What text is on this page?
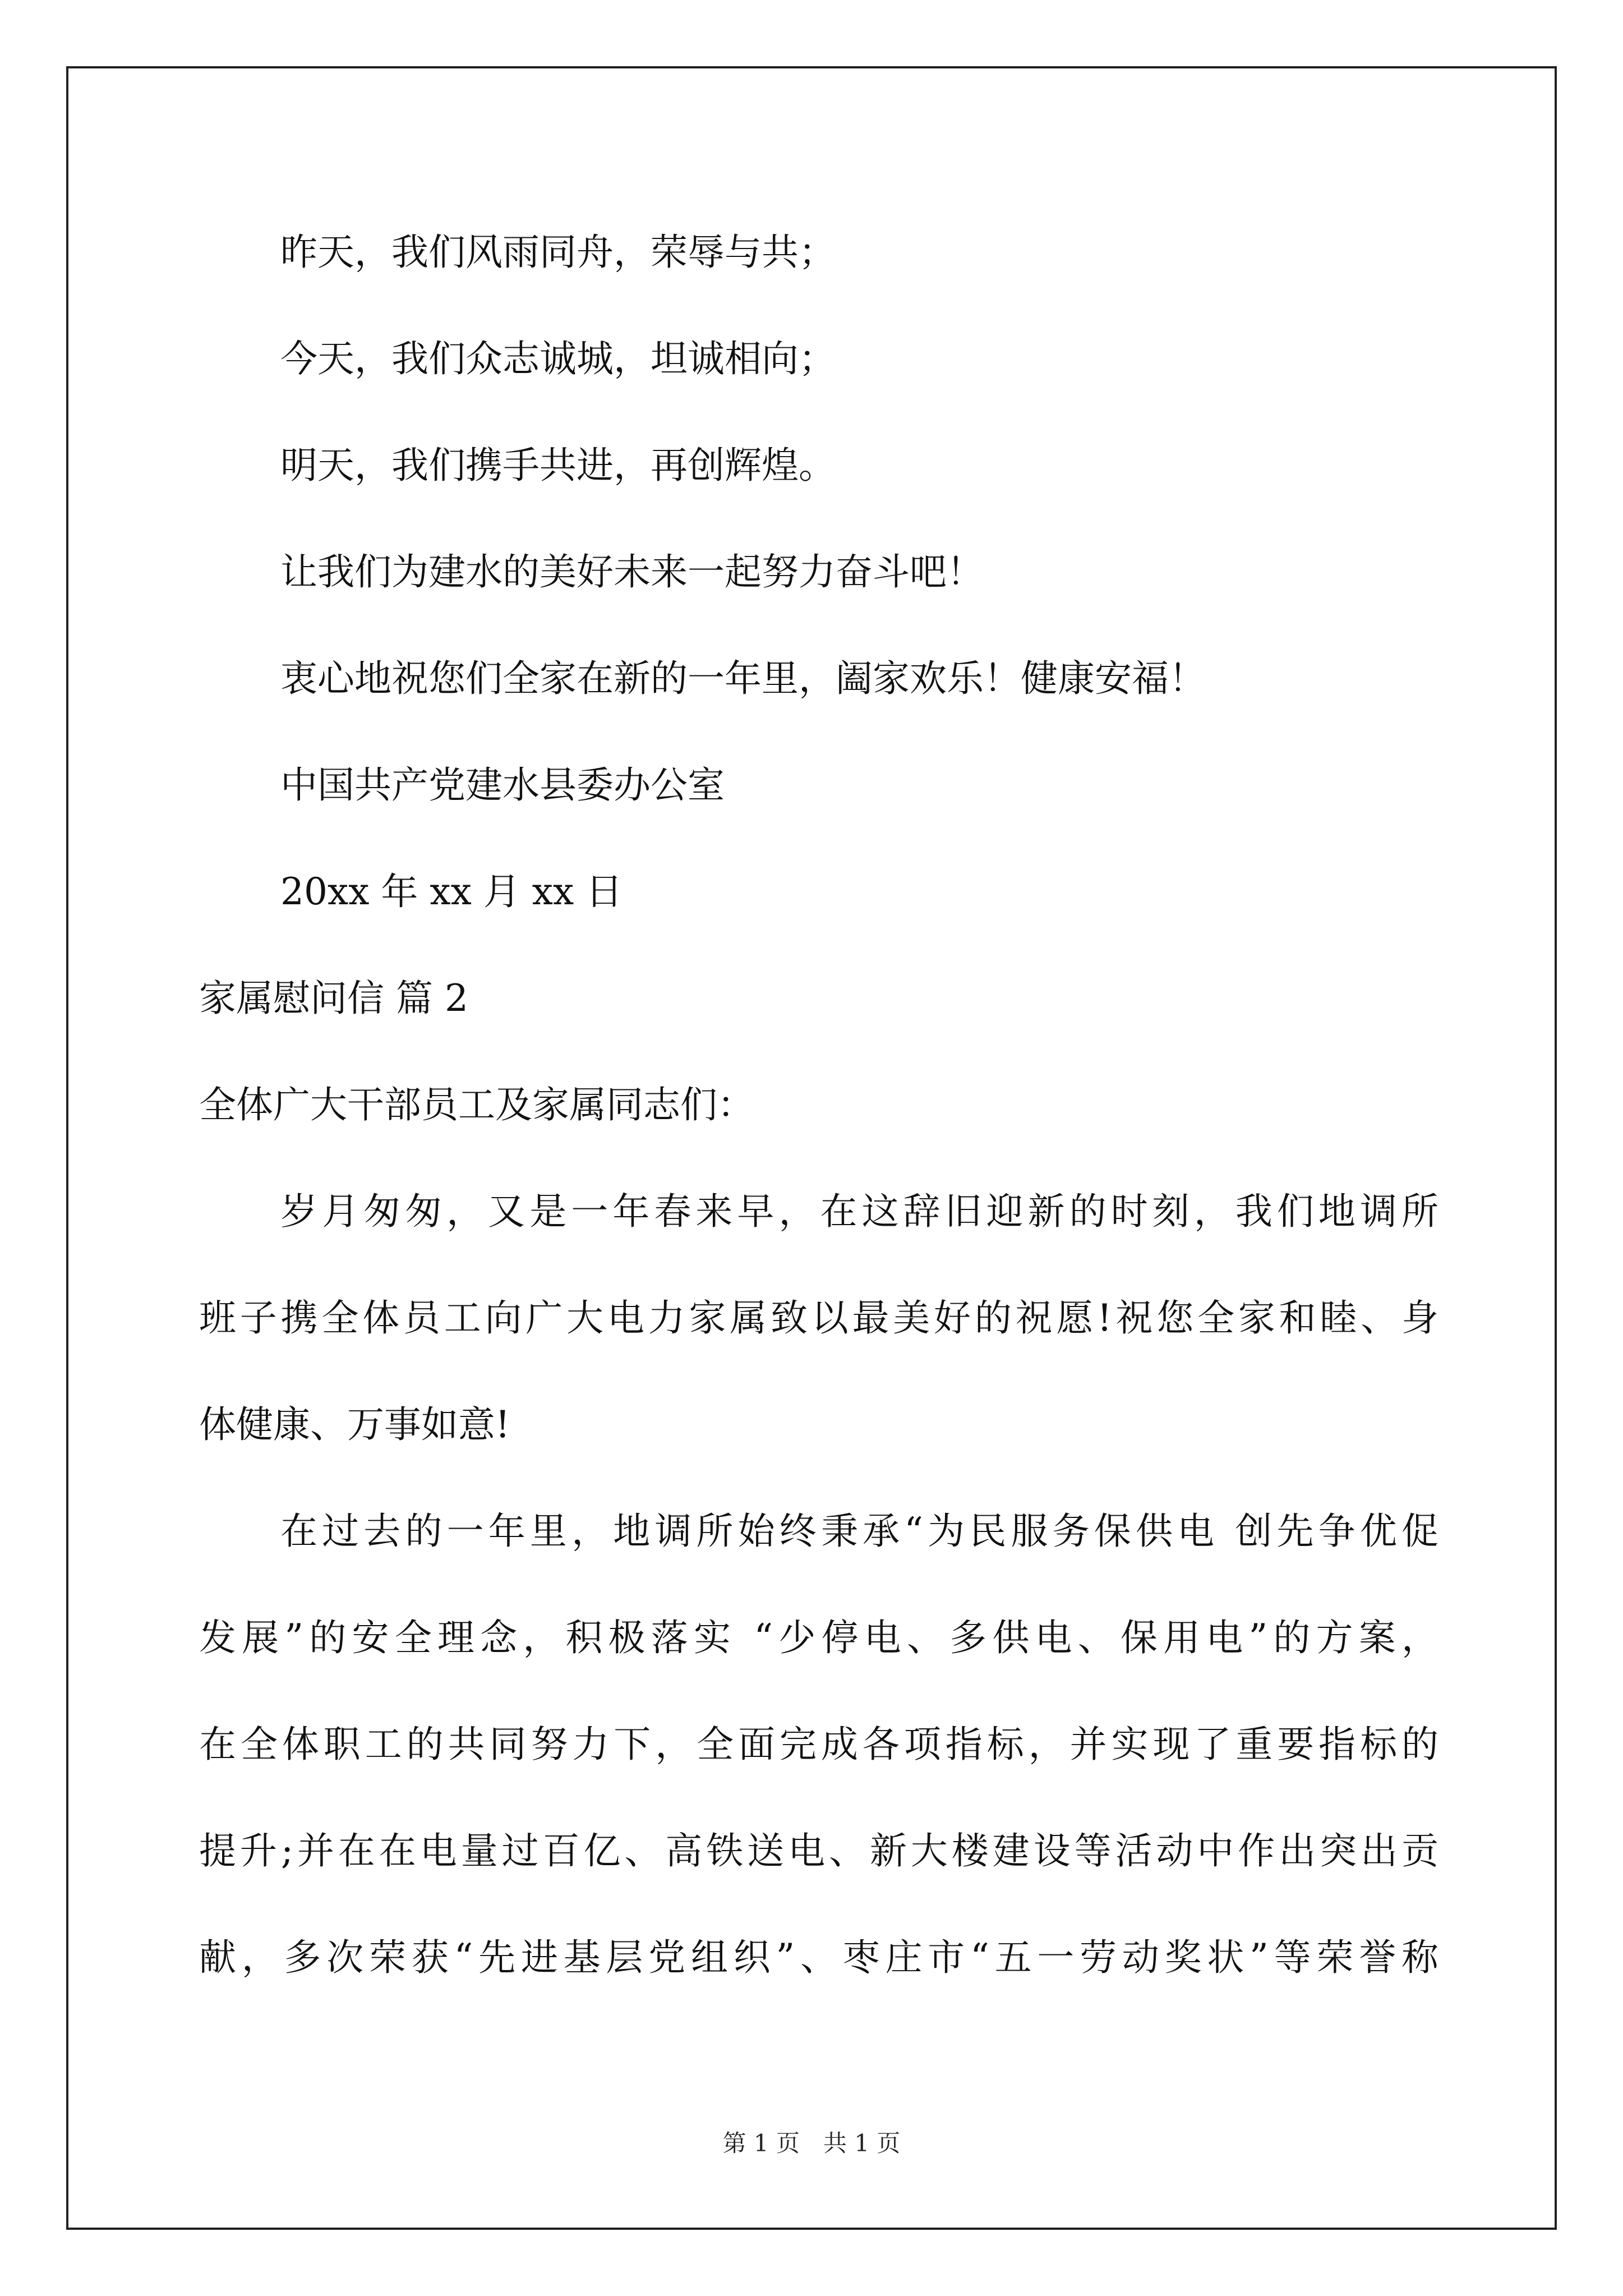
昨天，我们风雨同舟，荣辱与共；
今天，我们众志诚城，坦诚相向；
明天，我们携手共进，再创辉煌。
让我们为建水的美好未来一起努力奋斗吧！
衷心地祝您们全家在新的一年里，阖家欢乐！健康安福！
中国共产党建水县委办公室
20xx 年 xx 月 xx 日
家属慰问信 篇 2
全体广大干部员工及家属同志们：
岁月匆匆，又是一年春来早，在这辞旧迎新的时刻，我们地调所
班子携全体员工向广大电力家属致以最美好的祝愿!祝您全家和睦、身
体健康、万事如意!
在过去的一年里，地调所始终秉承“为民服务保供电 创先争优促
发展”的安全理念，积极落实 “少停电、多供电、保用电”的方案，
在全体职工的共同努力下，全面完成各项指标，并实现了重要指标的
提升;并在在电量过百亿、高铁送电、新大楼建设等活动中作出突出贡
献，多次荣获“先进基层党组织”、枣庄市“五一劳动奖状”等荣誉称
第 1 页　共 1 页
